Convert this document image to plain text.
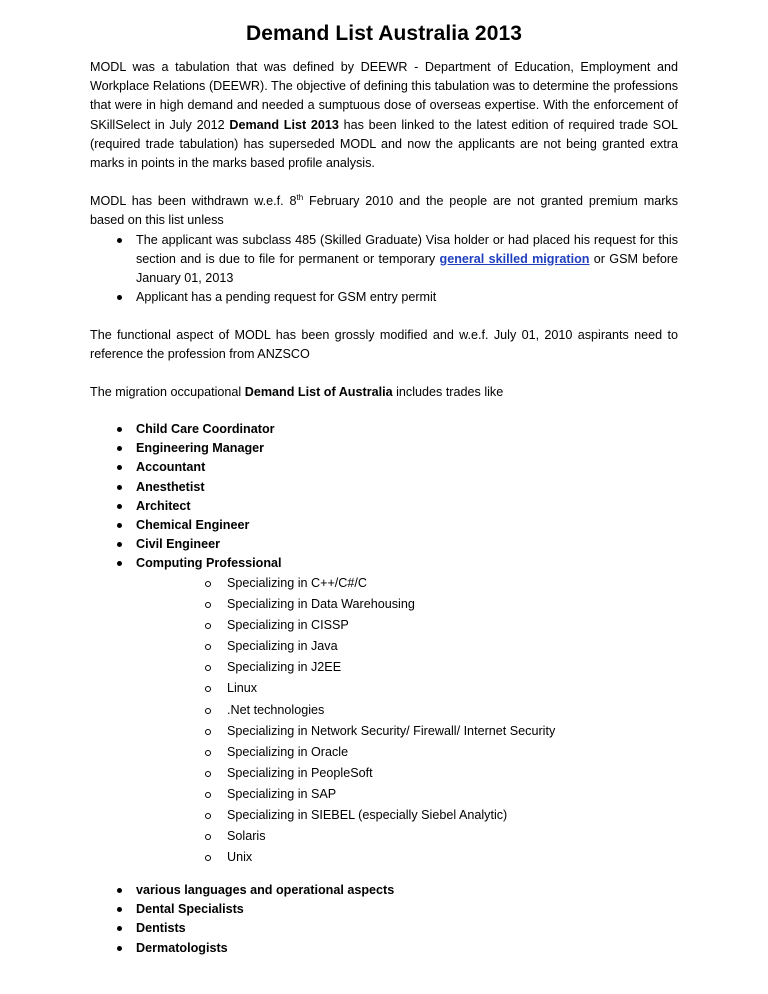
Demand List Australia 2013

MODL was a tabulation that was defined by DEEWR - Department of Education, Employment and Workplace Relations (DEEWR). The objective of defining this tabulation was to determine the professions that were in high demand and needed a sumptuous dose of overseas expertise. With the enforcement of SKillSelect in July 2012 Demand List 2013 has been linked to the latest edition of required trade SOL (required trade tabulation) has superseded MODL and now the applicants are not being granted extra marks in points in the marks based profile analysis.

MODL has been withdrawn w.e.f. 8th February 2010 and the people are not granted premium marks based on this list unless

The applicant was subclass 485 (Skilled Graduate) Visa holder or had placed his request for this section and is due to file for permanent or temporary general skilled migration or GSM before January 01, 2013
Applicant has a pending request for GSM entry permit

The functional aspect of MODL has been grossly modified and w.e.f. July 01, 2010 aspirants need to reference the profession from ANZSCO

The migration occupational Demand List of Australia includes trades like

Child Care Coordinator
Engineering Manager
Accountant
Anesthetist
Architect
Chemical Engineer
Civil Engineer
Computing Professional
Specializing in C++/C#/C
Specializing in Data Warehousing
Specializing in CISSP
Specializing in Java
Specializing in J2EE
Linux
.Net technologies
Specializing in Network Security/ Firewall/ Internet Security
Specializing in Oracle
Specializing in PeopleSoft
Specializing in SAP
Specializing in SIEBEL (especially Siebel Analytic)
Solaris
Unix
various languages and operational aspects
Dental Specialists
Dentists
Dermatologists
